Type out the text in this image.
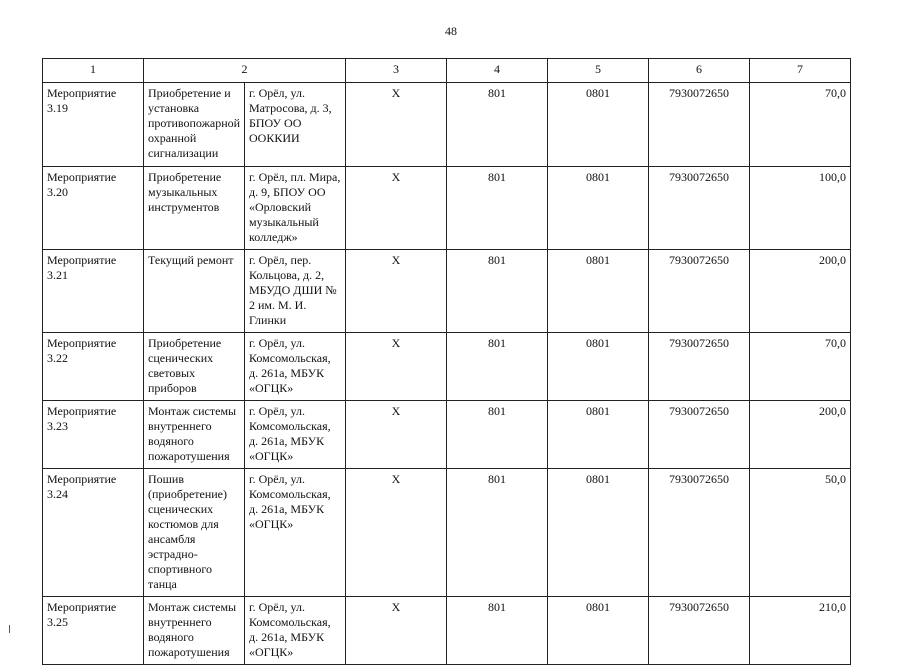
48
1	2		3	4	5	6	7
Мероприятие 3.19	Приобретение и установка противопожарной охранной сигнализации	г. Орёл, ул. Матросова, д. 3, БПОУ ОО ООККИИ	Х	801	0801	7930072650	70,0
Мероприятие 3.20	Приобретение музыкальных инструментов	г. Орёл, пл. Мира, д. 9, БПОУ ОО «Орловский музыкальный колледж»	Х	801	0801	7930072650	100,0
Мероприятие 3.21	Текущий ремонт	г. Орёл, пер. Кольцова, д. 2, МБУДО ДШИ № 2 им. М. И. Глинки	Х	801	0801	7930072650	200,0
Мероприятие 3.22	Приобретение сценических световых приборов	г. Орёл, ул. Комсомольская, д. 261а, МБУК «ОГЦК»	Х	801	0801	7930072650	70,0
Мероприятие 3.23	Монтаж системы внутреннего водяного пожаротушения	г. Орёл, ул. Комсомольская, д. 261а, МБУК «ОГЦК»	Х	801	0801	7930072650	200,0
Мероприятие 3.24	Пошив (приобретение) сценических костюмов для ансамбля эстрадно-спортивного танца	г. Орёл, ул. Комсомольская, д. 261а, МБУК «ОГЦК»	Х	801	0801	7930072650	50,0
Мероприятие 3.25	Монтаж системы внутреннего водяного пожаротушения	г. Орёл, ул. Комсомольская, д. 261а, МБУК «ОГЦК»	Х	801	0801	7930072650	210,0
